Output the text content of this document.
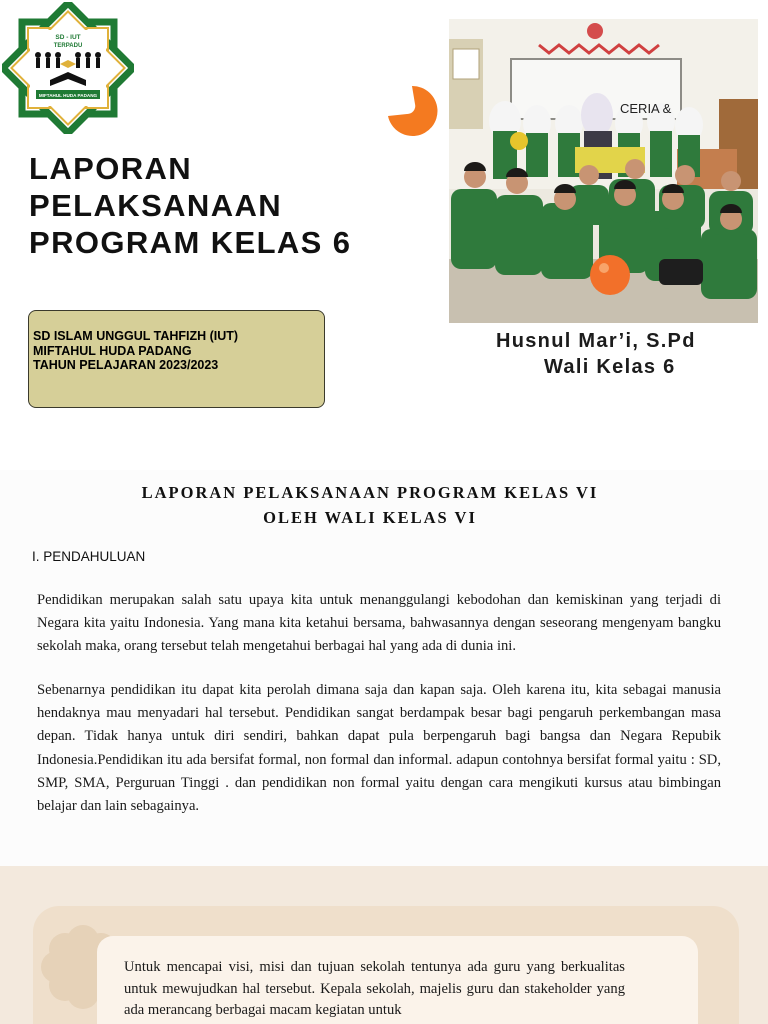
SD - IUT
TERPADU
MIFTAHUL HUDA PADANG
LAPORAN
PELAKSANAAN
PROGRAM KELAS 6
CERIA &
SD ISLAM UNGGUL TAHFIZH (IUT)
MIFTAHUL HUDA PADANG
TAHUN PELAJARAN 2023/2023
Husnul Mar’i, S.Pd
Wali Kelas 6
LAPORAN PELAKSANAAN PROGRAM KELAS VI
OLEH WALI KELAS VI
I. PENDAHULUAN

Pendidikan merupakan salah satu upaya kita untuk menanggulangi kebodohan dan kemiskinan yang terjadi di Negara kita yaitu Indonesia. Yang mana kita ketahui bersama, bahwasannya dengan seseorang mengenyam bangku sekolah maka, orang tersebut telah mengetahui berbagai hal yang ada di dunia ini.

Sebenarnya pendidikan itu dapat kita perolah dimana saja dan kapan saja. Oleh karena itu, kita sebagai manusia hendaknya mau menyadari hal tersebut. Pendidikan sangat berdampak besar bagi pengaruh perkembangan masa depan. Tidak hanya untuk diri sendiri, bahkan dapat pula berpengaruh bagi bangsa dan Negara Repubik Indonesia.Pendidikan itu ada bersifat formal, non formal dan informal. adapun contohnya bersifat formal yaitu : SD, SMP, SMA, Perguruan Tinggi . dan pendidikan non formal yaitu dengan cara mengikuti kursus atau bimbingan belajar dan lain sebagainya.

Untuk mencapai visi, misi dan tujuan sekolah tentunya ada guru yang berkualitas untuk mewujudkan hal tersebut. Kepala sekolah, majelis guru dan stakeholder yang ada merancang berbagai macam kegiatan untuk
